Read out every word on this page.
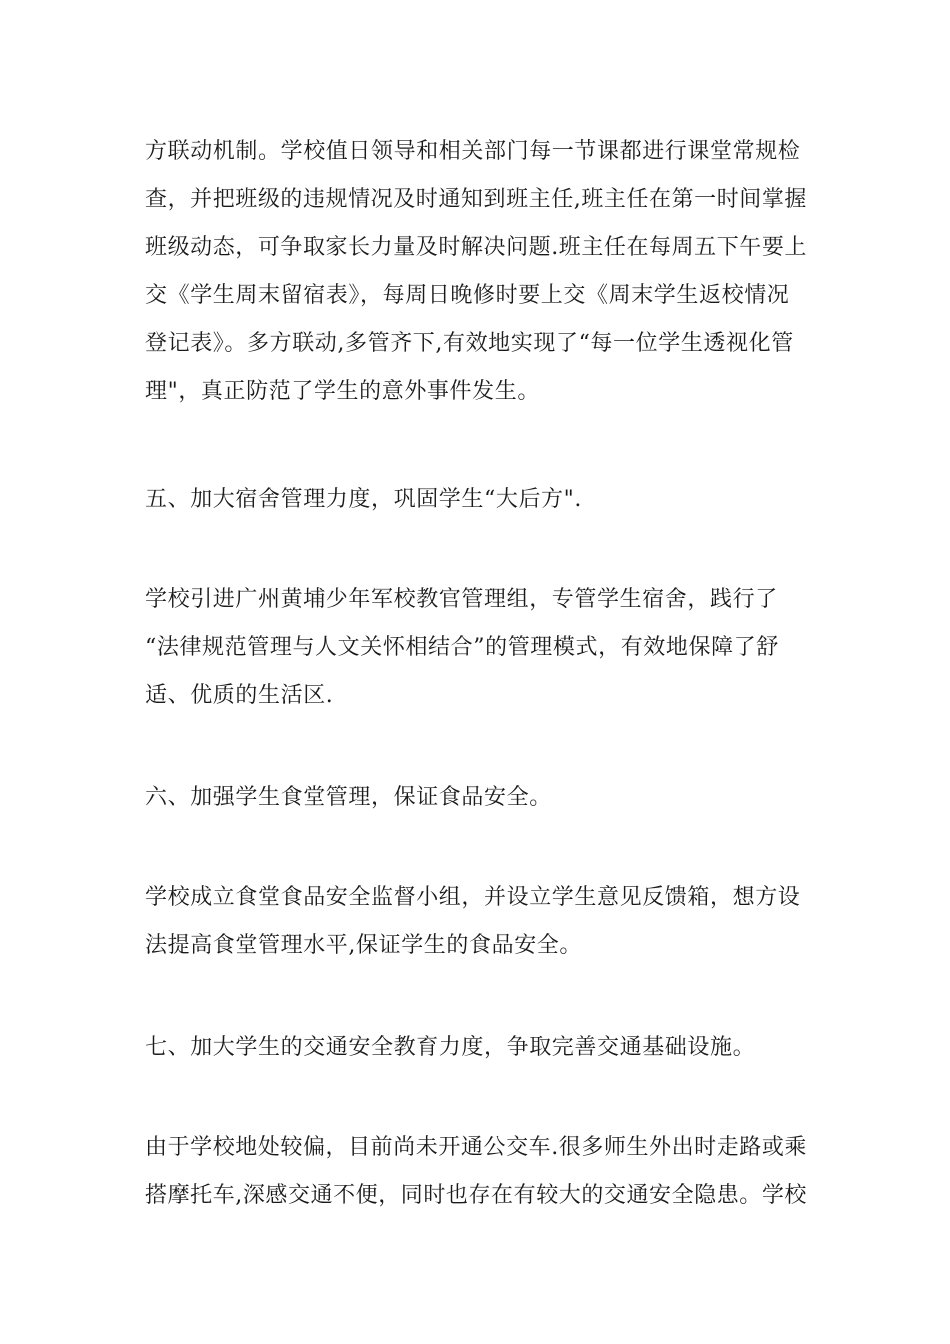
方联动机制。学校值日领导和相关部门每一节课都进行课堂常规检
查，并把班级的违规情况及时通知到班主任,班主任在第一时间掌握
班级动态，可争取家长力量及时解决问题.班主任在每周五下午要上
交《学生周末留宿表》，每周日晚修时要上交《周末学生返校情况
登记表》。多方联动,多管齐下,有效地实现了“每一位学生透视化管
理"，真正防范了学生的意外事件发生。
五、加大宿舍管理力度，巩固学生“大后方".
学校引进广州黄埔少年军校教官管理组，专管学生宿舍，践行了
“法律规范管理与人文关怀相结合”的管理模式，有效地保障了舒
适、优质的生活区.
六、加强学生食堂管理，保证食品安全。
学校成立食堂食品安全监督小组，并设立学生意见反馈箱，想方设
法提高食堂管理水平,保证学生的食品安全。
七、加大学生的交通安全教育力度，争取完善交通基础设施。
由于学校地处较偏，目前尚未开通公交车.很多师生外出时走路或乘
搭摩托车,深感交通不便，同时也存在有较大的交通安全隐患。学校
